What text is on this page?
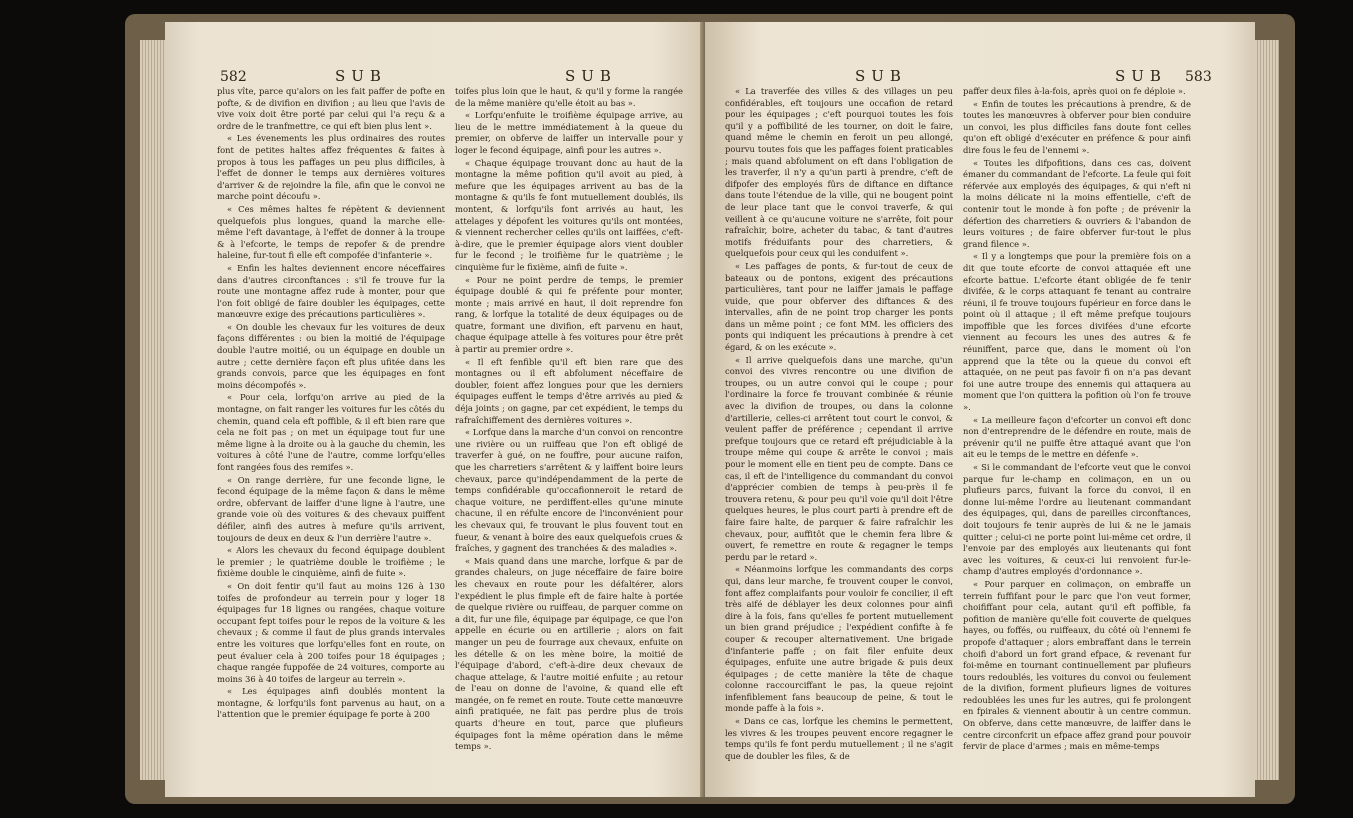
582	SUB	SUB

plus vîte, parce qu'alors on les fait paffer de pofte en pofte, & de divifion en divifion ; au lieu que l'avis de vive voix doit être porté par celui qui l'a reçu & a ordre de le tranfmettre, ce qui eft bien plus lent ».

« Les évenements les plus ordinaires des routes font de petites haltes affez fréquentes & faites à propos à tous les paffages un peu plus difficiles, à l'effet de donner le temps aux dernières voitures d'arriver & de rejoindre la file, afin que le convoi ne marche point découfu ».

« Ces mêmes haltes fe répètent & deviennent quelquefois plus longues, quand la marche elle-même l'eft davantage, à l'effet de donner à la troupe & à l'efcorte, le temps de repofer & de prendre haleine, fur-tout fi elle eft compofée d'infanterie ».

« Enfin les haltes deviennent encore néceffaires dans d'autres circonftances : s'il fe trouve fur la route une montagne affez rude à monter, pour que l'on foit obligé de faire doubler les équipages, cette manœuvre exige des précautions particulières ».

« On double les chevaux fur les voitures de deux façons différentes : ou bien la moitié de l'équipage double l'autre moitié, ou un équipage en double un autre ; cette dernière façon eft plus ufitée dans les grands convois, parce que les équipages en font moins décompofés ».

« Pour cela, lorfqu'on arrive au pied de la montagne, on fait ranger les voitures fur les côtés du chemin, quand cela eft poffible, & il eft bien rare que cela ne foit pas ; on met un équipage tout fur une même ligne à la droite ou à la gauche du chemin, les voitures à côté l'une de l'autre, comme lorfqu'elles font rangées fous des remifes ».

« On range derrière, fur une feconde ligne, le fecond équipage de la même façon & dans le même ordre, obfervant de laiffer d'une ligne à l'autre, une grande voie où des voitures & des chevaux puiffent défiler, ainfi des autres à mefure qu'ils arrivent, toujours de deux en deux & l'un derrière l'autre ».

« Alors les chevaux du fecond équipage doublent le premier ; le quatrième double le troifième ; le fixième double le cinquième, ainfi de fuite ».

« On doit fentir qu'il faut au moins 126 à 130 toifes de profondeur au terrein pour y loger 18 équipages fur 18 lignes ou rangées, chaque voiture occupant fept toifes pour le repos de la voiture & les chevaux ; & comme il faut de plus grands intervales entre les voitures que lorfqu'elles font en route, on peut évaluer cela à 200 toifes pour 18 équipages ; chaque rangée fuppofée de 24 voitures, comporte au moins 36 à 40 toifes de largeur au terrein ».

« Les équipages ainfi doublés montent la montagne, & lorfqu'ils font parvenus au haut, on a l'attention que le premier équipage fe porte à 200

toifes plus loin que le haut, & qu'il y forme la rangée de la même manière qu'elle étoit au bas ».

« Lorfqu'enfuite le troifième équipage arrive, au lieu de le mettre immédiatement à la queue du premier, on obferve de laiffer un intervalle pour y loger le fecond équipage, ainfi pour les autres ».

« Chaque équipage trouvant donc au haut de la montagne la même pofition qu'il avoit au pied, à mefure que les équipages arrivent au bas de la montagne & qu'ils fe font mutuellement doublés, ils montent, & lorfqu'ils font arrivés au haut, les attelages y dépofent les voitures qu'ils ont montées, & viennent rechercher celles qu'ils ont laiffées, c'eft-à-dire, que le premier équipage alors vient doubler fur le fecond ; le troifième fur le quatrième ; le cinquième fur le fixième, ainfi de fuite ».

« Pour ne point perdre de temps, le premier équipage doublé & qui fe préfente pour monter, monte ; mais arrivé en haut, il doit reprendre fon rang, & lorfque la totalité de deux équipages ou de quatre, formant une divifion, eft parvenu en haut, chaque équipage attelle à fes voitures pour être prêt à partir au premier ordre ».

« Il eft fenfible qu'il eft bien rare que des montagnes ou il eft abfolument néceffaire de doubler, foient affez longues pour que les derniers équipages euffent le temps d'être arrivés au pied & déja joints ; on gagne, par cet expédient, le temps du rafraîchiffement des dernières voitures ».

« Lorfque dans la marche d'un convoi on rencontre une rivière ou un ruiffeau que l'on eft obligé de traverfer à gué, on ne fouffre, pour aucune raifon, que les charretiers s'arrêtent & y laiffent boire leurs chevaux, parce qu'indépendamment de la perte de temps confidérable qu'occafionneroit le retard de chaque voiture, ne perdiffent-elles qu'une minute chacune, il en réfulte encore de l'inconvénient pour les chevaux qui, fe trouvant le plus fouvent tout en fueur, & venant à boire des eaux quelquefois crues & fraîches, y gagnent des tranchées & des maladies ».

« Mais quand dans une marche, lorfque & par de grandes chaleurs, on juge néceffaire de faire boire les chevaux en route pour les défaltérer, alors l'expédient le plus fimple eft de faire halte à portée de quelque rivière ou ruiffeau, de parquer comme on a dit, fur une file, équipage par équipage, ce que l'on appelle en écurie ou en artillerie ; alors on fait manger un peu de fourrage aux chevaux, enfuite on les dételle & on les mène boire, la moitié de l'équipage d'abord, c'eft-à-dire deux chevaux de chaque attelage, & l'autre moitié enfuite ; au retour de l'eau on donne de l'avoine, & quand elle eft mangée, on fe remet en route. Toute cette manœuvre ainfi pratiquée, ne fait pas perdre plus de trois quarts d'heure en tout, parce que plufieurs équipages font la même opération dans le même temps ».

SUB	SUB 583

« La traverfée des villes & des villages un peu confidérables, eft toujours une occafion de retard pour les équipages ; c'eft pourquoi toutes les fois qu'il y a poffibilité de les tourner, on doit le faire, quand même le chemin en feroit un peu allongé, pourvu toutes fois que les paffages foient praticables ; mais quand abfolument on eft dans l'obligation de les traverfer, il n'y a qu'un parti à prendre, c'eft de difpofer des employés fûrs de diftance en diftance dans toute l'étendue de la ville, qui ne bougent point de leur place tant que le convoi traverfe, & qui veillent à ce qu'aucune voiture ne s'arrête, foit pour rafraîchir, boire, acheter du tabac, & tant d'autres motifs fréduifants pour des charretiers, & quelquefois pour ceux qui les conduifent ».

« Les paffages de ponts, & fur-tout de ceux de bateaux ou de pontons, exigent des précautions particulières, tant pour ne laiffer jamais le paffage vuide, que pour obferver des diftances & des intervalles, afin de ne point trop charger les ponts dans un même point ; ce font MM. les officiers des ponts qui indiquent les précautions à prendre à cet égard, & on les exécute ».

« Il arrive quelquefois dans une marche, qu'un convoi des vivres rencontre ou une divifion de troupes, ou un autre convoi qui le coupe ; pour l'ordinaire la force fe trouvant combinée & réunie avec la divifion de troupes, ou dans la colonne d'artillerie, celles-ci arrêtent tout court le convoi, & veulent paffer de préférence ; cependant il arrive prefque toujours que ce retard eft préjudiciable à la troupe même qui coupe & arrête le convoi ; mais pour le moment elle en tient peu de compte. Dans ce cas, il eft de l'intelligence du commandant du convoi d'apprécier combien de temps à peu-près il fe trouvera retenu, & pour peu qu'il voie qu'il doit l'être quelques heures, le plus court parti à prendre eft de faire faire halte, de parquer & faire rafraîchir les chevaux, pour, auffitôt que le chemin fera libre & ouvert, fe remettre en route & regagner le temps perdu par le retard ».

« Néanmoins lorfque les commandants des corps qui, dans leur marche, fe trouvent couper le convoi, font affez complaifants pour vouloir fe concilier, il eft très aifé de déblayer les deux colonnes pour ainfi dire à la fois, fans qu'elles fe portent mutuellement un bien grand préjudice ; l'expédient confifte à fe couper & recouper alternativement. Une brigade d'infanterie paffe ; on fait filer enfuite deux équipages, enfuite une autre brigade & puis deux équipages ; de cette manière la tête de chaque colonne raccourciffant le pas, la queue rejoint infenfiblement fans beaucoup de peine, & tout le monde paffe à la fois ».

« Dans ce cas, lorfque les chemins le permettent, les vivres & les troupes peuvent encore regagner le temps qu'ils fe font perdu mutuellement ; il ne s'agit que de doubler les files, & de

paffer deux files à-la-fois, après quoi on fe déploie ».

« Enfin de toutes les précautions à prendre, & de toutes les manœuvres à obferver pour bien conduire un convoi, les plus difficiles fans doute font celles qu'on eft obligé d'exécuter en préfence & pour ainfi dire fous le feu de l'ennemi ».

« Toutes les difpofitions, dans ces cas, doivent émaner du commandant de l'efcorte. La feule qui foit réfervée aux employés des équipages, & qui n'eft ni la moins délicate ni la moins effentielle, c'eft de contenir tout le monde à fon pofte ; de prévenir la défertion des charretiers & ouvriers & l'abandon de leurs voitures ; de faire obferver fur-tout le plus grand filence ».

« Il y a longtemps que pour la première fois on a dit que toute efcorte de convoi attaquée eft une efcorte battue. L'efcorte étant obligée de fe tenir divifée, & le corps attaquant fe tenant au contraire réuni, il fe trouve toujours fupérieur en force dans le point où il attaque ; il eft même prefque toujours impoffible que les forces divifées d'une efcorte viennent au fecours les unes des autres & fe réuniffent, parce que, dans le moment où l'on apprend que la tête ou la queue du convoi eft attaquée, on ne peut pas favoir fi on n'a pas devant foi une autre troupe des ennemis qui attaquera au moment que l'on quittera la pofition où l'on fe trouve ».

« La meilleure façon d'efcorter un convoi eft donc non d'entreprendre de le défendre en route, mais de prévenir qu'il ne puiffe être attaqué avant que l'on ait eu le temps de le mettre en défenfe ».

« Si le commandant de l'efcorte veut que le convoi parque fur le-champ en colimaçon, en un ou plufieurs parcs, fuivant la force du convoi, il en donne lui-même l'ordre au lieutenant commandant des équipages, qui, dans de pareilles circonftances, doit toujours fe tenir auprès de lui & ne le jamais quitter ; celui-ci ne porte point lui-même cet ordre, il l'envoie par des employés aux lieutenants qui font avec les voitures, & ceux-ci lui renvoient fur-le-champ d'autres employés d'ordonnance ».

« Pour parquer en colimaçon, on embraffe un terrein fuffifant pour le parc que l'on veut former, choififfant pour cela, autant qu'il eft poffible, fa pofition de manière qu'elle foit couverte de quelques hayes, ou foffés, ou ruiffeaux, du côté où l'ennemi fe propofe d'attaquer ; alors embraffant dans le terrein choifi d'abord un fort grand efpace, & revenant fur foi-même en tournant continuellement par plufieurs tours redoublés, les voitures du convoi ou feulement de la divifion, forment plufieurs lignes de voitures redoublées les unes fur les autres, qui fe prolongent en fpirales & viennent aboutir à un centre commun. On obferve, dans cette manœuvre, de laiffer dans le centre circonfcrit un efpace affez grand pour pouvoir fervir de place d'armes ; mais en même-temps
